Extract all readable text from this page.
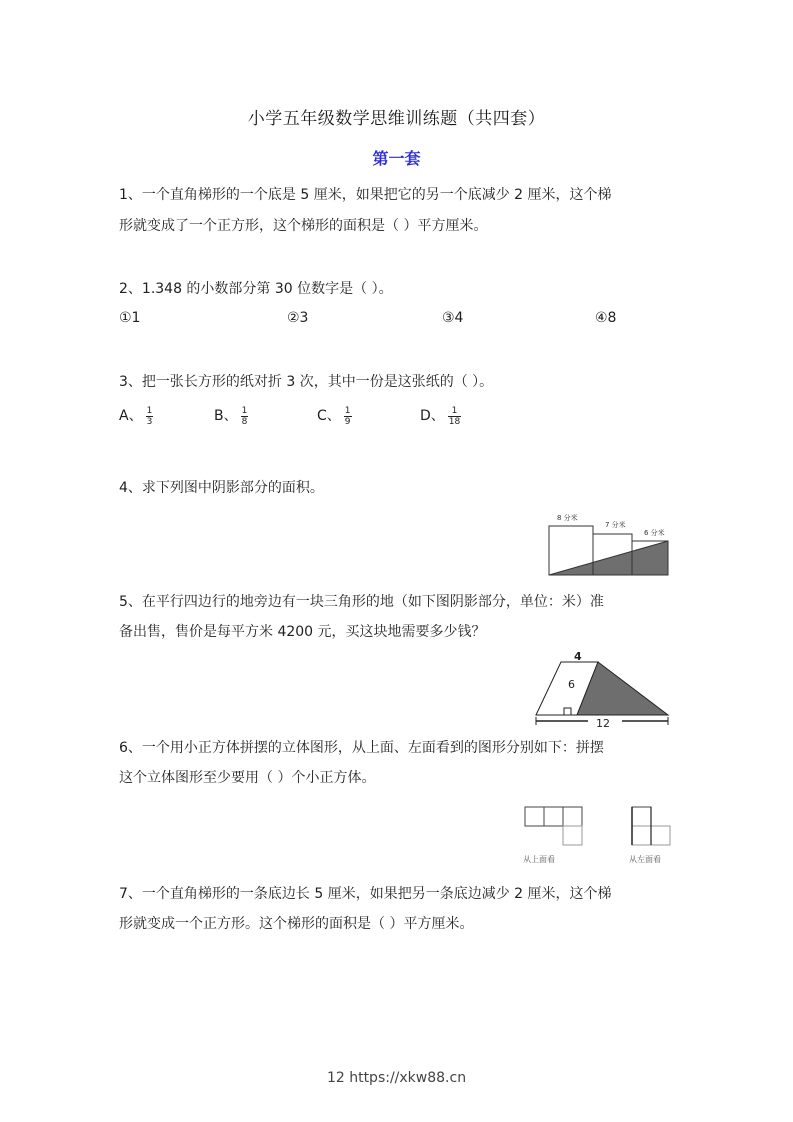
小学五年级数学思维训练题（共四套）
第一套
1、一个直角梯形的一个底是 5 厘米，如果把它的另一个底减少 2 厘米，这个梯
形就变成了一个正方形，这个梯形的面积是（ ）平方厘米。
2、1.348 的小数部分第 30 位数字是（ ）。
①1	②3	③4	④8
3、把一张长方形的纸对折 3 次，其中一份是这张纸的（ ）。
A、 $\frac{1}{3}$	B、 $\frac{1}{8}$	C、 $\frac{1}{9}$	D、 $\frac{1}{18}$
4、求下列图中阴影部分的面积。
8 分米
7 分米
6 分米
5、在平行四边行的地旁边有一块三角形的地（如下图阴影部分，单位：米）准
备出售，售价是每平方米 4200 元，买这块地需要多少钱？
4
6
12
6、一个用小正方体拼摆的立体图形，从上面、左面看到的图形分别如下：拼摆
这个立体图形至少要用（ ）个小正方体。
从上面看	从左面看
7、一个直角梯形的一条底边长 5 厘米，如果把另一条底边减少 2 厘米，这个梯
形就变成一个正方形。这个梯形的面积是（ ）平方厘米。
12 https://xkw88.cn
